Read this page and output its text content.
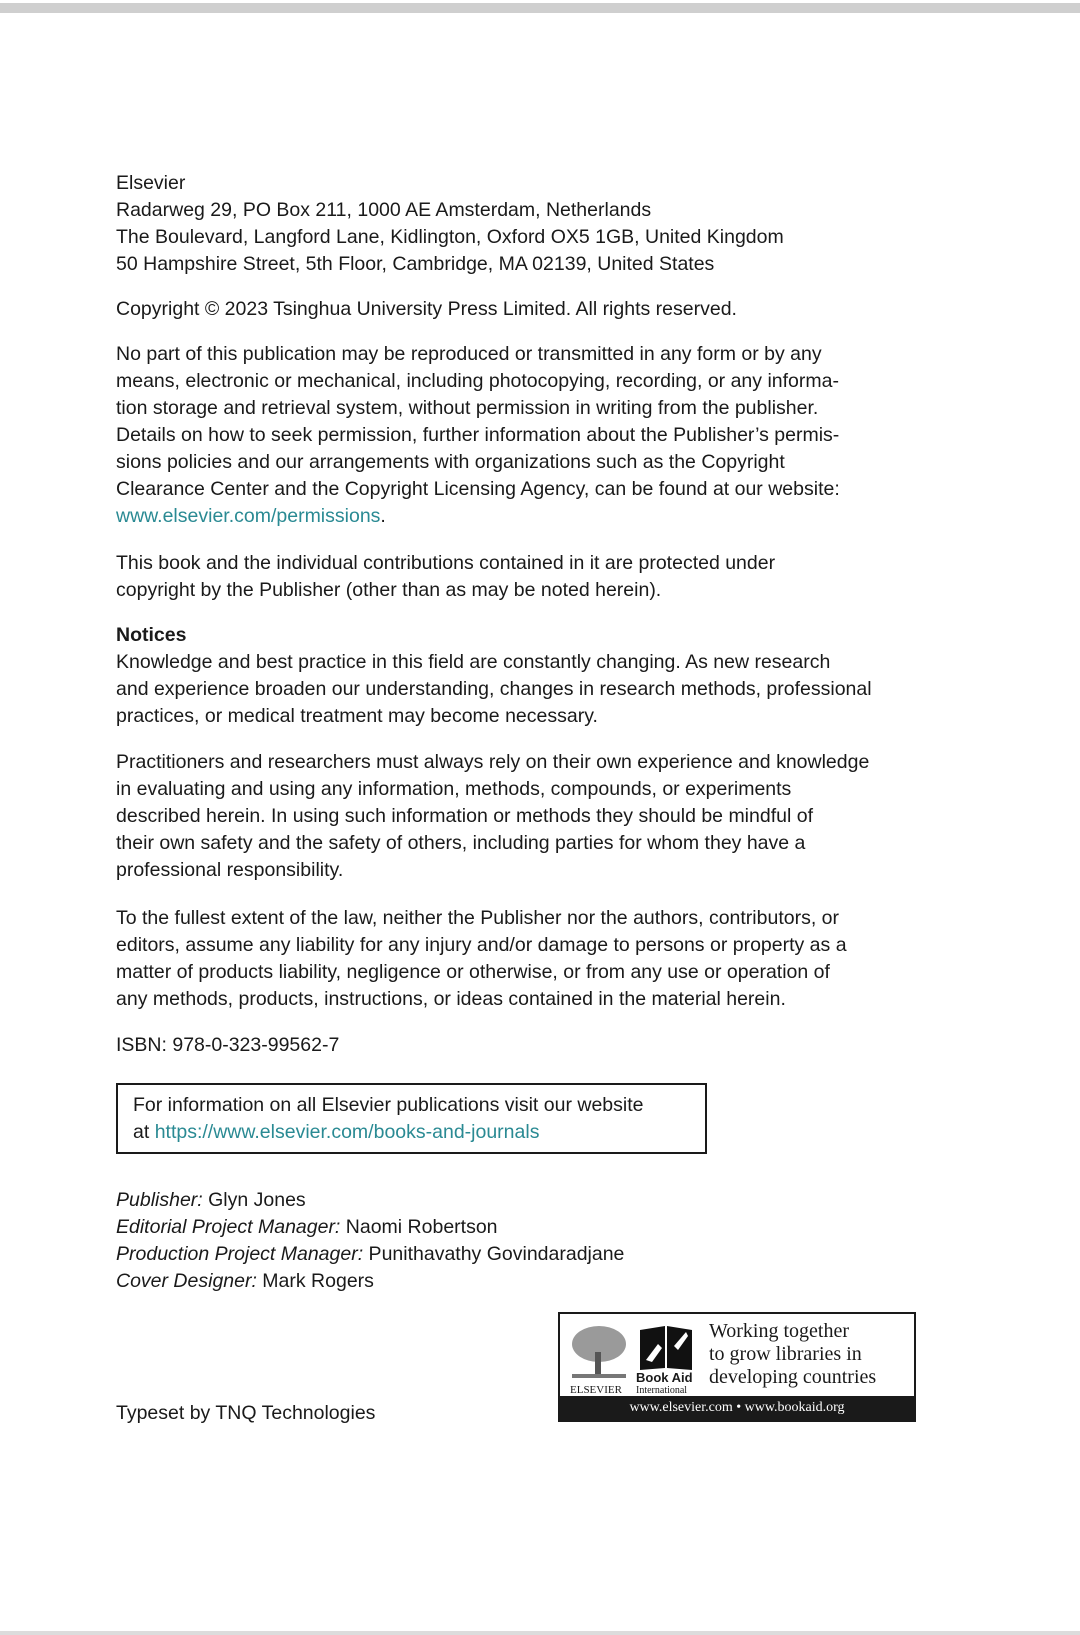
Elsevier
Radarweg 29, PO Box 211, 1000 AE Amsterdam, Netherlands
The Boulevard, Langford Lane, Kidlington, Oxford OX5 1GB, United Kingdom
50 Hampshire Street, 5th Floor, Cambridge, MA 02139, United States
Copyright © 2023 Tsinghua University Press Limited. All rights reserved.
No part of this publication may be reproduced or transmitted in any form or by any
means, electronic or mechanical, including photocopying, recording, or any informa-
tion storage and retrieval system, without permission in writing from the publisher.
Details on how to seek permission, further information about the Publisher’s permis-
sions policies and our arrangements with organizations such as the Copyright
Clearance Center and the Copyright Licensing Agency, can be found at our website:
www.elsevier.com/permissions.
This book and the individual contributions contained in it are protected under
copyright by the Publisher (other than as may be noted herein).
Notices
Knowledge and best practice in this field are constantly changing. As new research
and experience broaden our understanding, changes in research methods, professional
practices, or medical treatment may become necessary.
Practitioners and researchers must always rely on their own experience and knowledge
in evaluating and using any information, methods, compounds, or experiments
described herein. In using such information or methods they should be mindful of
their own safety and the safety of others, including parties for whom they have a
professional responsibility.
To the fullest extent of the law, neither the Publisher nor the authors, contributors, or
editors, assume any liability for any injury and/or damage to persons or property as a
matter of products liability, negligence or otherwise, or from any use or operation of
any methods, products, instructions, or ideas contained in the material herein.
ISBN: 978-0-323-99562-7
For information on all Elsevier publications visit our website
at https://www.elsevier.com/books-and-journals
Publisher: Glyn Jones
Editorial Project Manager: Naomi Robertson
Production Project Manager: Punithavathy Govindaradjane
Cover Designer: Mark Rogers
Typeset by TNQ Technologies
ELSEVIER
Book Aid
International
Working together
to grow libraries in
developing countries
www.elsevier.com • www.bookaid.org
